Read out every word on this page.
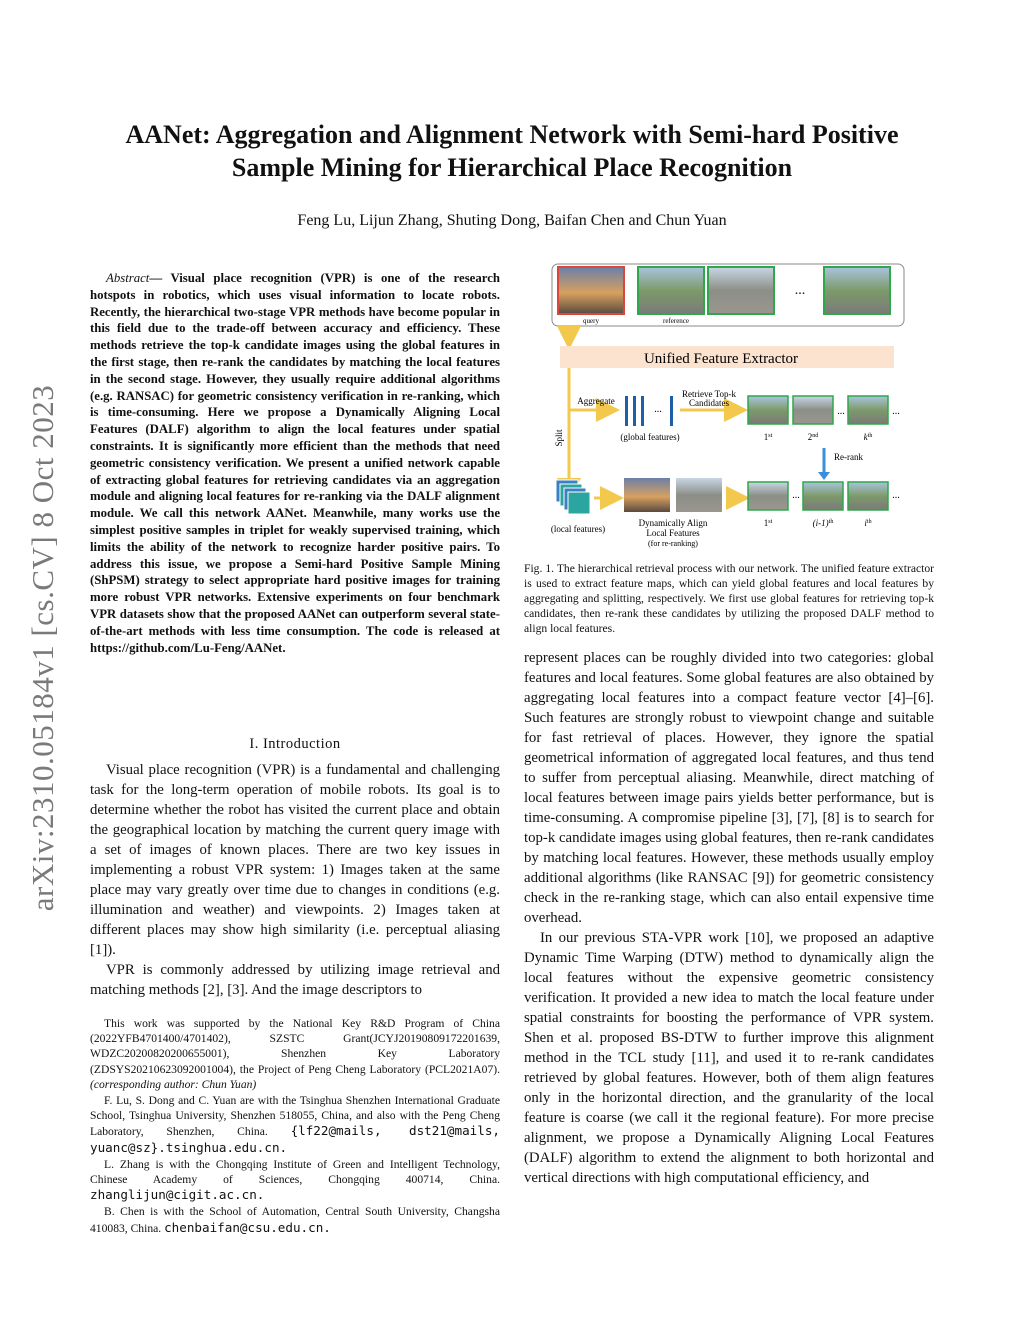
AANet: Aggregation and Alignment Network with Semi-hard Positive
Sample Mining for Hierarchical Place Recognition
Feng Lu, Lijun Zhang, Shuting Dong, Baifan Chen and Chun Yuan
arXiv:2310.05184v1 [cs.CV] 8 Oct 2023
Abstract— Visual place recognition (VPR) is one of the research hotspots in robotics, which uses visual information to locate robots. Recently, the hierarchical two-stage VPR methods have become popular in this field due to the trade-off between accuracy and efficiency. These methods retrieve the top-k candidate images using the global features in the first stage, then re-rank the candidates by matching the local features in the second stage. However, they usually require additional algorithms (e.g. RANSAC) for geometric consistency verification in re-ranking, which is time-consuming. Here we propose a Dynamically Aligning Local Features (DALF) algorithm to align the local features under spatial constraints. It is significantly more efficient than the methods that need geometric consistency verification. We present a unified network capable of extracting global features for retrieving candidates via an aggregation module and aligning local features for re-ranking via the DALF alignment module. We call this network AANet. Meanwhile, many works use the simplest positive samples in triplet for weakly supervised training, which limits the ability of the network to recognize harder positive pairs. To address this issue, we propose a Semi-hard Positive Sample Mining (ShPSM) strategy to select appropriate hard positive images for training more robust VPR networks. Extensive experiments on four benchmark VPR datasets show that the proposed AANet can outperform several state-of-the-art methods with less time consumption. The code is released at https://github.com/Lu-Feng/AANet.
I. Introduction

Visual place recognition (VPR) is a fundamental and challenging task for the long-term operation of mobile robots. Its goal is to determine whether the robot has visited the current place and obtain the geographical location by matching the current query image with a set of images of known places. There are two key issues in implementing a robust VPR system: 1) Images taken at the same place may vary greatly over time due to changes in conditions (e.g. illumination and weather) and viewpoints. 2) Images taken at different places may show high similarity (i.e. perceptual aliasing [1]).

VPR is commonly addressed by utilizing image retrieval and matching methods [2], [3]. And the image descriptors to

This work was supported by the National Key R&D Program of China (2022YFB4701400/4701402), SZSTC Grant(JCYJ20190809172201639, WDZC20200820200655001), Shenzhen Key Laboratory (ZDSYS20210623092001004), the Project of Peng Cheng Laboratory (PCL2021A07). (corresponding author: Chun Yuan)

F. Lu, S. Dong and C. Yuan are with the Tsinghua Shenzhen International Graduate School, Tsinghua University, Shenzhen 518055, China, and also with the Peng Cheng Laboratory, Shenzhen, China. {lf22@mails, dst21@mails, yuanc@sz}.tsinghua.edu.cn.

L. Zhang is with the Chongqing Institute of Green and Intelligent Technology, Chinese Academy of Sciences, Chongqing 400714, China. zhanglijun@cigit.ac.cn.

B. Chen is with the School of Automation, Central South University, Changsha 410083, China. chenbaifan@csu.edu.cn.

...
query	reference
Unified Feature Extractor
Split
Aggregate
...
(global features)
Retrieve Top-k
Candidates
...	...
1st	2nd	$k^{th}$
Re-rank
(local features)
Dynamically Align
Local Features
(for re-ranking)
...	...
1st	$(i-1)^{th}$	$i^{th}$
Fig. 1. The hierarchical retrieval process with our network. The unified feature extractor is used to extract feature maps, which can yield global features and local features by aggregating and splitting, respectively. We first use global features for retrieving top-k candidates, then re-rank these candidates by utilizing the proposed DALF method to align local features.

represent places can be roughly divided into two categories: global features and local features. Some global features are also obtained by aggregating local features into a compact feature vector [4]–[6]. Such features are strongly robust to viewpoint change and suitable for fast retrieval of places. However, they ignore the spatial geometrical information of aggregated local features, and thus tend to suffer from perceptual aliasing. Meanwhile, direct matching of local features between image pairs yields better performance, but is time-consuming. A compromise pipeline [3], [7], [8] is to search for top-k candidate images using global features, then re-rank candidates by matching local features. However, these methods usually employ additional algorithms (like RANSAC [9]) for geometric consistency check in the re-ranking stage, which can also entail expensive time overhead.

In our previous STA-VPR work [10], we proposed an adaptive Dynamic Time Warping (DTW) method to dynamically align the local features without the expensive geometric consistency verification. It provided a new idea to match the local feature under spatial constraints for boosting the performance of VPR system. Shen et al. proposed BS-DTW to further improve this alignment method in the TCL study [11], and used it to re-rank candidates retrieved by global features. However, both of them align features only in the horizontal direction, and the granularity of the local feature is coarse (we call it the regional feature). For more precise alignment, we propose a Dynamically Aligning Local Features (DALF) algorithm to extend the alignment to both horizontal and vertical directions with high computational efficiency, and
